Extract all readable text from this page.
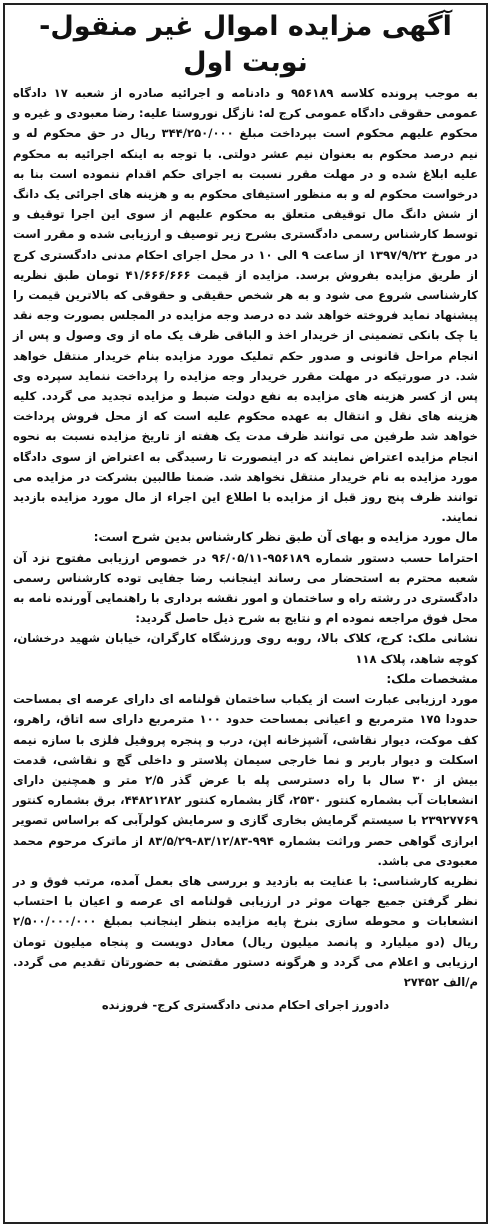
آگهی مزایده اموال غیر منقول- نوبت اول

به موجب پرونده کلاسه ۹۵۶۱۸۹ و دادنامه و اجرائیه صادره از شعبه ۱۷ دادگاه عمومی حقوقی دادگاه عمومی کرج له: نازگل نوروستا علیه: رضا معبودی و غیره و محکوم علیهم محکوم است بپرداخت مبلغ ۳۴۴/۲۵۰/۰۰۰ ریال در حق محکوم له و نیم درصد محکوم به بعنوان نیم عشر دولتی. با توجه به اینکه اجرائیه به محکوم علیه ابلاغ شده و در مهلت مقرر نسبت به اجرای حکم اقدام ننموده است بنا به درخواست محکوم له و به منظور استیفای محکوم به و هزینه های اجرائی یک دانگ از شش دانگ مال توقیفی متعلق به محکوم علیهم از سوی این اجرا توقیف و توسط کارشناس رسمی دادگستری بشرح زیر توصیف و ارزیابی شده و مقرر است در مورخ ۱۳۹۷/۹/۲۲ از ساعت ۹ الی ۱۰ در محل اجرای احکام مدنی دادگستری کرج از طریق مزایده بفروش برسد. مزایده از قیمت ۴۱/۶۶۶/۶۶۶ تومان طبق نظریه کارشناسی شروع می شود و به هر شخص حقیقی و حقوقی که بالاترین قیمت را پیشنهاد نماید فروخته خواهد شد ده درصد وجه مزایده در المجلس بصورت وجه نقد یا چک بانکی تضمینی از خریدار اخذ و الباقی ظرف یک ماه از وی وصول و پس از انجام مراحل قانونی و صدور حکم تملیک مورد مزایده بنام خریدار منتقل خواهد شد. در صورتیکه در مهلت مقرر خریدار وجه مزایده را پرداخت ننماید سپرده وی پس از کسر هزینه های مزایده به نفع دولت ضبط و مزایده تجدید می گردد. کلیه هزینه های نقل و انتقال به عهده محکوم علیه است که از محل فروش پرداخت خواهد شد طرفین می توانند ظرف مدت یک هفته از تاریخ مزایده نسبت به نحوه انجام مزایده اعتراض نمایند که در اینصورت تا رسیدگی به اعتراض از سوی دادگاه مورد مزایده به نام خریدار منتقل نخواهد شد. ضمنا طالبین بشرکت در مزایده می توانند ظرف پنج روز قبل از مزایده با اطلاع این اجراء از مال مورد مزایده بازدید نمایند.

مال مورد مزایده و بهای آن طبق نظر کارشناس بدین شرح است:

احتراما حسب دستور شماره ۹۵۶۱۸۹-۹۶/۰۵/۱۱ در خصوص ارزیابی مفتوح نزد آن شعبه محترم به استحضار می رساند اینجانب رضا جفایی توده کارشناس رسمی دادگستری در رشته راه و ساختمان و امور نقشه برداری با راهنمایی آورنده نامه به محل فوق مراجعه نموده ام و نتایج به شرح ذیل حاصل گردید:

نشانی ملک: کرج، کلاک بالا، روبه روی ورزشگاه کارگران، خیابان شهید درخشان، کوچه شاهد، پلاک ۱۱۸

مشخصات ملک:

مورد ارزیابی عبارت است از یکباب ساختمان قولنامه ای دارای عرصه ای بمساحت حدودا ۱۷۵ مترمربع و اعیانی بمساحت حدود ۱۰۰ مترمربع دارای سه اتاق، راهرو، کف موکت، دیوار نقاشی، آشپزخانه اپن، درب و پنجره پروفیل فلزی با سازه نیمه اسکلت و دیوار باربر و نما خارجی سیمان پلاستر و داخلی گچ و نقاشی، قدمت بیش از ۳۰ سال با راه دسترسی پله با عرض گذر ۲/۵ متر و همچنین دارای انشعابات آب بشماره کنتور ۲۵۳۰، گاز بشماره کنتور ۴۴۸۲۱۲۸۲، برق بشماره کنتور ۲۳۹۲۷۷۶۹ با سیستم گرمایش بخاری گازی و سرمایش کولرآبی که براساس تصویر ابرازی گواهی حصر وراثت بشماره ۹۹۴-۸۳/۱۲/۸۳-۸۳/۵/۲۹ از ماترک مرحوم محمد معبودی می باشد.

نظریه کارشناسی: با عنایت به بازدید و بررسی های بعمل آمده، مرتب فوق و در نظر گرفتن جمیع جهات موثر در ارزیابی قولنامه ای عرصه و اعیان با احتساب انشعابات و محوطه سازی بنرخ پایه مزایده بنظر اینجانب بمبلغ ۲/۵۰۰/۰۰۰/۰۰۰ ریال (دو میلیارد و پانصد میلیون ریال) معادل دویست و پنجاه میلیون تومان ارزیابی و اعلام می گردد و هرگونه دستور مقتضی به حضورتان تقدیم می گردد. م/الف ۲۷۴۵۲

دادورز اجرای احکام مدنی دادگستری کرج- فروزنده
